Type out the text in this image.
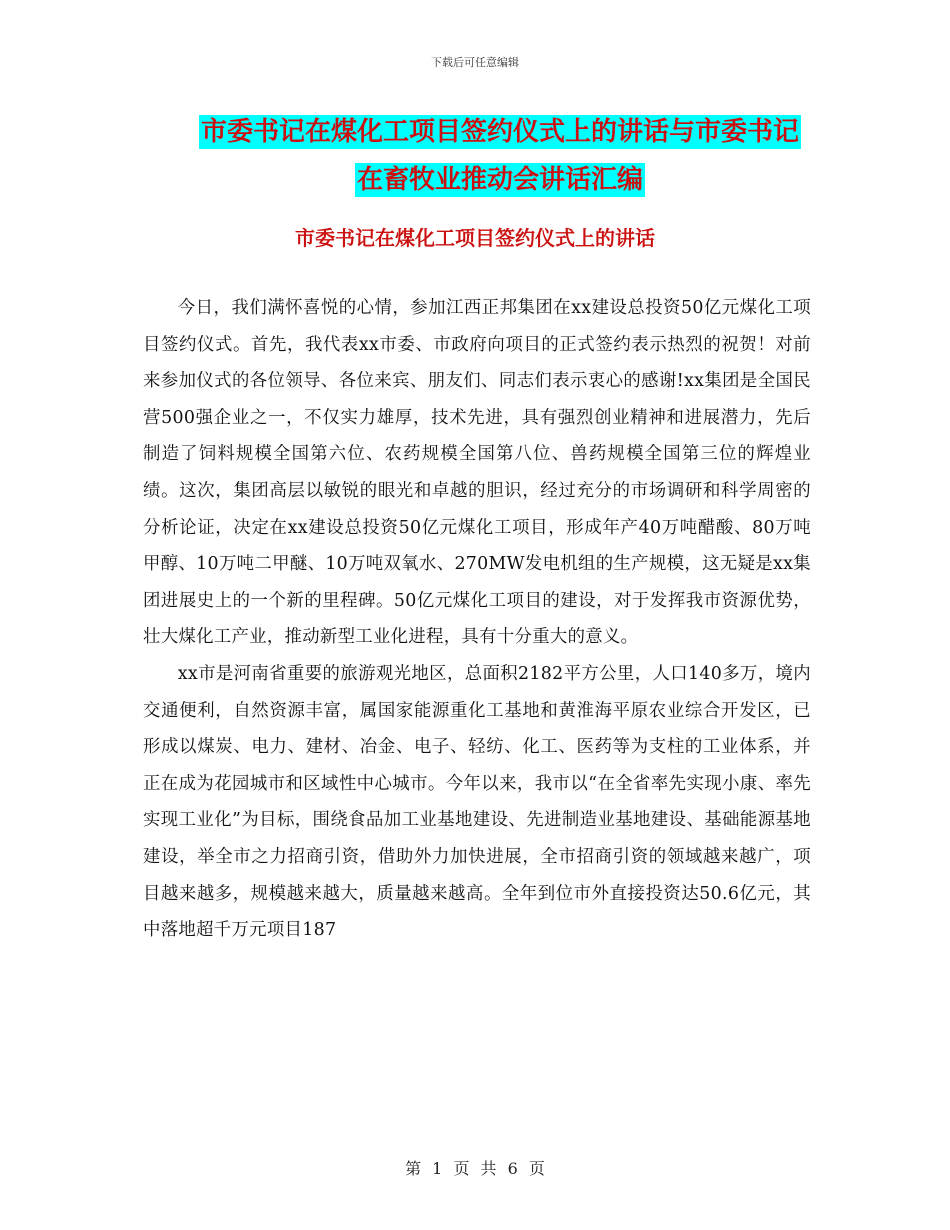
下载后可任意编辑
市委书记在煤化工项目签约仪式上的讲话与市委书记
在畜牧业推动会讲话汇编
市委书记在煤化工项目签约仪式上的讲话

今日，我们满怀喜悦的心情，参加江西正邦集团在xx建设总投资50亿元煤化工项目签约仪式。首先，我代表xx市委、市政府向项目的正式签约表示热烈的祝贺！对前来参加仪式的各位领导、各位来宾、朋友们、同志们表示衷心的感谢!xx集团是全国民营500强企业之一，不仅实力雄厚，技术先进，具有强烈创业精神和进展潜力，先后制造了饲料规模全国第六位、农药规模全国第八位、兽药规模全国第三位的辉煌业绩。这次，集团高层以敏锐的眼光和卓越的胆识，经过充分的市场调研和科学周密的分析论证，决定在xx建设总投资50亿元煤化工项目，形成年产40万吨醋酸、80万吨甲醇、10万吨二甲醚、10万吨双氧水、270MW发电机组的生产规模，这无疑是xx集团进展史上的一个新的里程碑。50亿元煤化工项目的建设，对于发挥我市资源优势，壮大煤化工产业，推动新型工业化进程，具有十分重大的意义。

xx市是河南省重要的旅游观光地区，总面积2182平方公里，人口140多万，境内交通便利，自然资源丰富，属国家能源重化工基地和黄淮海平原农业综合开发区，已形成以煤炭、电力、建材、冶金、电子、轻纺、化工、医药等为支柱的工业体系，并正在成为花园城市和区域性中心城市。今年以来，我市以“在全省率先实现小康、率先实现工业化”为目标，围绕食品加工业基地建设、先进制造业基地建设、基础能源基地建设，举全市之力招商引资，借助外力加快进展，全市招商引资的领域越来越广，项目越来越多，规模越来越大，质量越来越高。全年到位市外直接投资达50.6亿元，其中落地超千万元项目187

第 1 页 共 6 页
